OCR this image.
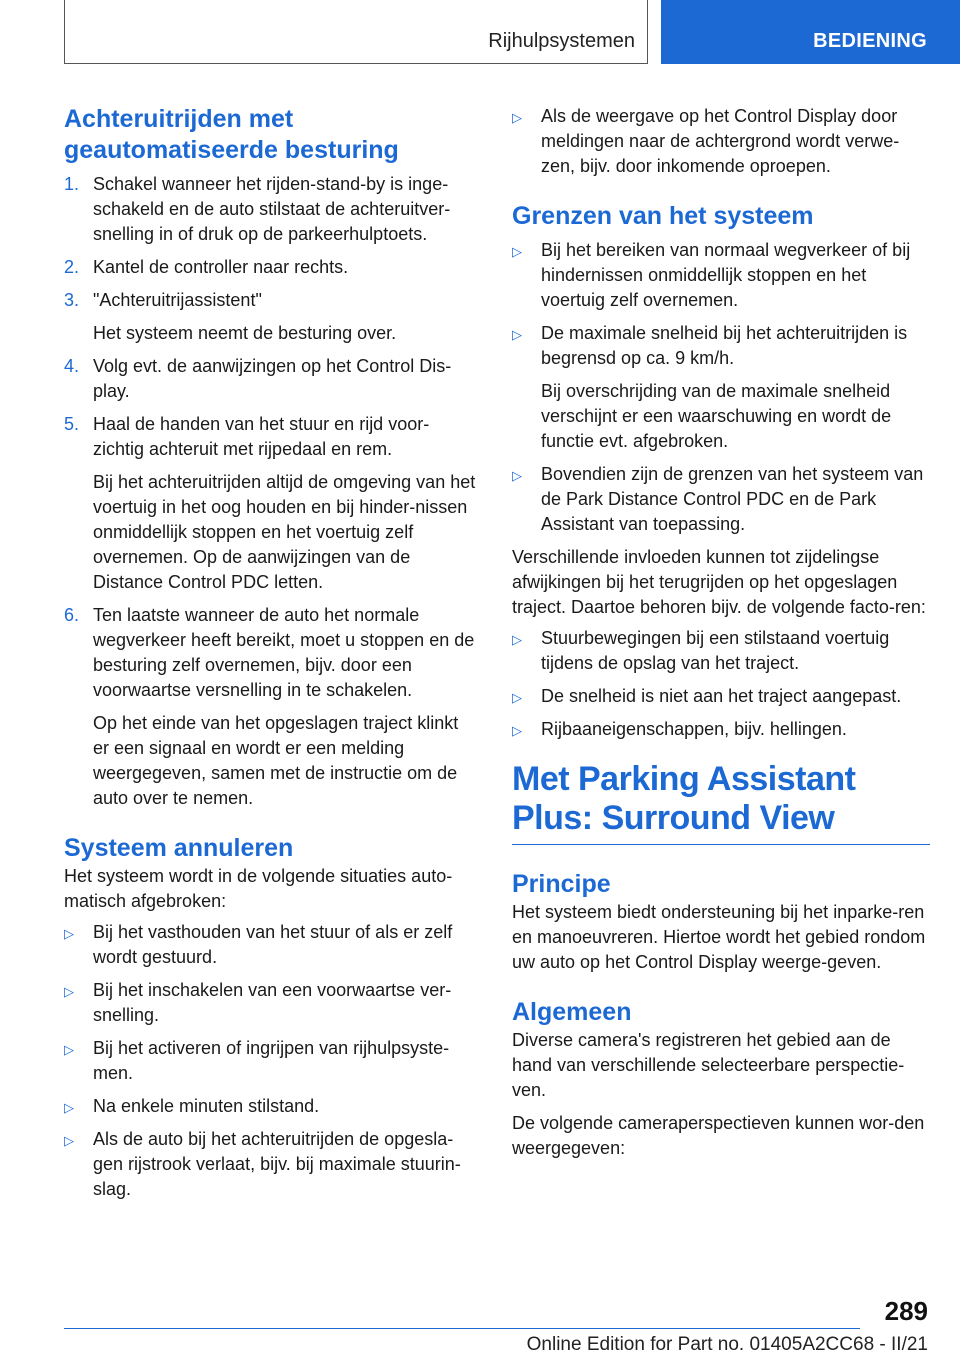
Rijhulpsystemen	BEDIENING
Achteruitrijden met geautomatiseerde besturing
1. Schakel wanneer het rijden-stand-by is inge‐schakeld en de auto stilstaat de achteruitver‐snelling in of druk op de parkeerhulptoets.

2. Kantel de controller naar rechts.

3. "Achteruitrijassistent"

Het systeem neemt de besturing over.

4. Volg evt. de aanwijzingen op het Control Dis‐play.

5. Haal de handen van het stuur en rijd voor‐zichtig achteruit met rijpedaal en rem.

Bij het achteruitrijden altijd de omgeving van het voertuig in het oog houden en bij hinder‐nissen onmiddellijk stoppen en het voertuig zelf overnemen. Op de aanwijzingen van de Distance Control PDC letten.

6. Ten laatste wanneer de auto het normale wegverkeer heeft bereikt, moet u stoppen en de besturing zelf overnemen, bijv. door een voorwaartse versnelling in te schakelen.

Op het einde van het opgeslagen traject klinkt er een signaal en wordt er een melding weergegeven, samen met de instructie om de auto over te nemen.

Systeem annuleren

Het systeem wordt in de volgende situaties auto‐matisch afgebroken:

▷ Bij het vasthouden van het stuur of als er zelf wordt gestuurd.

▷ Bij het inschakelen van een voorwaartse ver‐snelling.

▷ Bij het activeren of ingrijpen van rijhulpsyste‐men.

▷ Na enkele minuten stilstand.

▷ Als de auto bij het achteruitrijden de opgesla‐gen rijstrook verlaat, bijv. bij maximale stuurin‐slag.

▷ Als de weergave op het Control Display door meldingen naar de achtergrond wordt verwe‐zen, bijv. door inkomende oproepen.

Grenzen van het systeem
▷ Bij het bereiken van normaal wegverkeer of bij hindernissen onmiddellijk stoppen en het voertuig zelf overnemen.

▷ De maximale snelheid bij het achteruitrijden is begrensd op ca. 9 km/h.

Bij overschrijding van de maximale snelheid verschijnt er een waarschuwing en wordt de functie evt. afgebroken.

▷ Bovendien zijn de grenzen van het systeem van de Park Distance Control PDC en de Park Assistant van toepassing.

Verschillende invloeden kunnen tot zijdelingse afwijkingen bij het terugrijden op het opgeslagen traject. Daartoe behoren bijv. de volgende facto‐ren:

▷ Stuurbewegingen bij een stilstaand voertuig tijdens de opslag van het traject.

▷ De snelheid is niet aan het traject aangepast.

▷ Rijbaaneigenschappen, bijv. hellingen.

Met Parking Assistant Plus: Surround View
Principe

Het systeem biedt ondersteuning bij het inparke‐ren en manoeuvreren. Hiertoe wordt het gebied rondom uw auto op het Control Display weerge‐geven.

Algemeen

Diverse camera's registreren het gebied aan de hand van verschillende selecteerbare perspectie‐ven.

De volgende cameraperspectieven kunnen wor‐den weergegeven:

289
Online Edition for Part no. 01405A2CC68 - II/21
